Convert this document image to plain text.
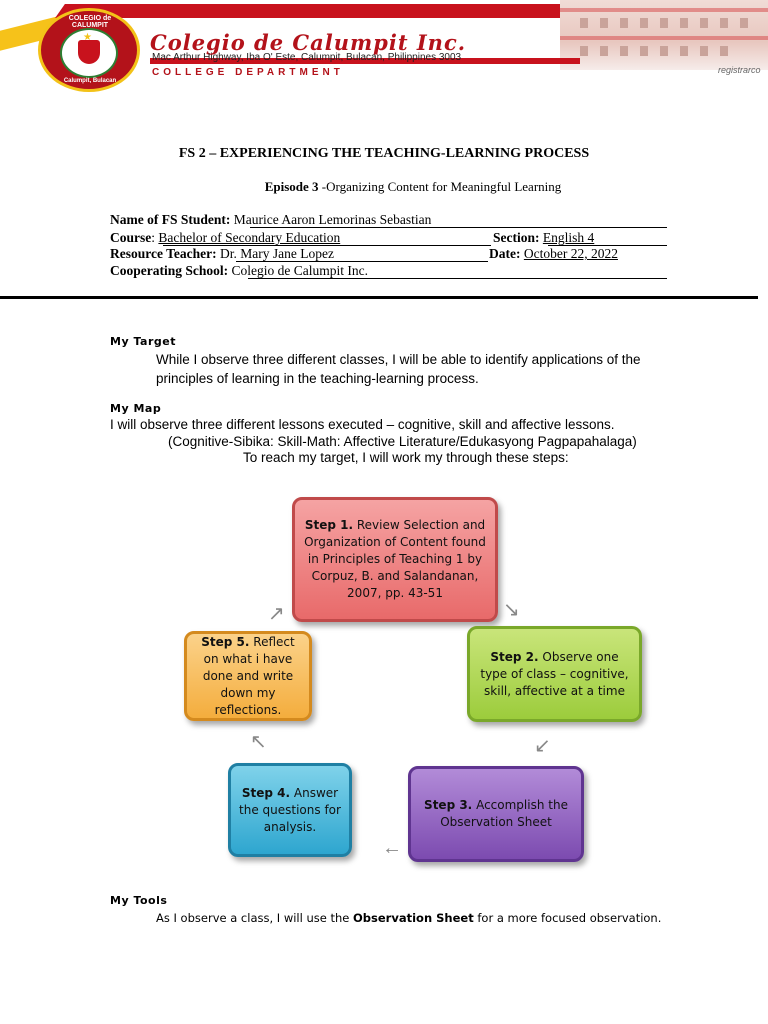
★
COLEGIO de CALUMPIT
Calumpit, Bulacan
Colegio de Calumpit Inc.
Mac Arthur Highway, Iba O' Este, Calumpit, Bulacan, Philippines 3003
COLLEGE DEPARTMENT	registrarco
FS 2 – EXPERIENCING THE TEACHING-LEARNING PROCESS
Episode 3 -Organizing Content for Meaningful Learning
Name of FS Student: Maurice Aaron Lemorinas Sebastian
Course: Bachelor of Secondary Education	Section: English 4
Resource Teacher: Dr. Mary Jane Lopez	Date: October 22, 2022
Cooperating School: Colegio de Calumpit Inc.
My Target
While I observe three different classes, I will be able to identify applications of the
principles of learning in the teaching-learning process.
My Map
I will observe three different lessons executed – cognitive, skill and affective lessons.
(Cognitive-Sibika: Skill-Math: Affective Literature/Edukasyong Pagpapahalaga)
To reach my target, I will work my through these steps:
Step 1. Review Selection and Organization of Content found in Principles of Teaching 1 by Corpuz, B. and Salandanan, 2007, pp. 43-51
Step 2. Observe one type of class – cognitive, skill, affective at a time
Step 3. Accomplish the Observation Sheet
Step 4. Answer the questions for analysis.
Step 5. Reflect on what i have done and write down my reflections.
↘
↙
←
↖
↗
My Tools
As I observe a class, I will use the Observation Sheet for a more focused observation.
